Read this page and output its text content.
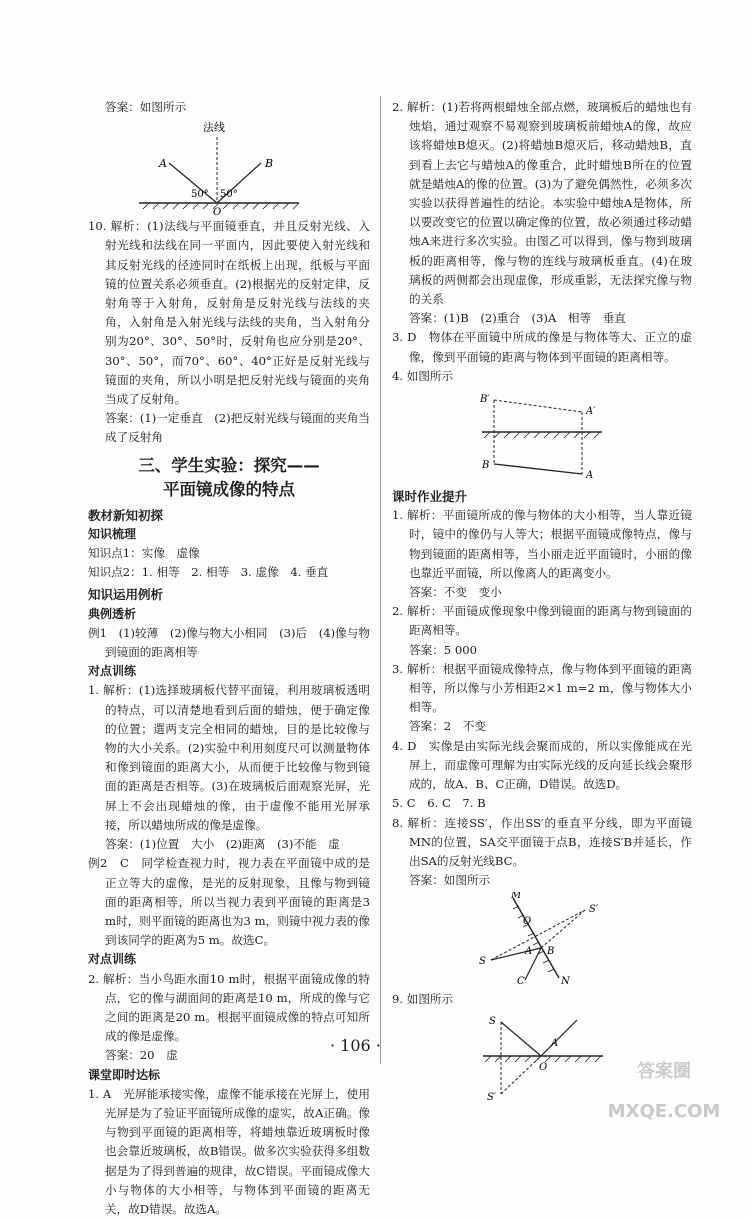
答案：如图所示

法线
A	B
O
50° 50°

10. 解析：(1)法线与平面镜垂直，并且反射光线、入射光线和法线在同一平面内，因此要使入射光线和其反射光线的径迹同时在纸板上出现，纸板与平面镜的位置关系必须垂直。(2)根据光的反射定律，反射角等于入射角，反射角是反射光线与法线的夹角，入射角是入射光线与法线的夹角，当入射角分别为20°、30°、50°时，反射角也应分别是20°、30°、50°，而70°、60°、40°正好是反射光线与镜面的夹角，所以小明是把反射光线与镜面的夹角当成了反射角。

答案：(1)一定垂直　(2)把反射光线与镜面的夹角当成了反射角

三、学生实验：探究——
平面镜成像的特点
教材新知初探
知识梳理

知识点1：实像　虚像

知识点2：1. 相等　2. 相等　3. 虚像　4. 垂直

知识运用例析
典例透析

例1　(1)较薄　(2)像与物大小相同　(3)后　(4)像与物到镜面的距离相等

对点训练

1. 解析：(1)选择玻璃板代替平面镜，利用玻璃板透明的特点，可以清楚地看到后面的蜡烛，便于确定像的位置；選两支完全相同的蜡烛，目的是比较像与物的大小关系。(2)实验中利用刻度尺可以测量物体和像到镜面的距离大小，从而便于比较像与物到镜面的距离是否相等。(3)在玻璃板后面观察光屏，光屏上不会出现蜡烛的像，由于虚像不能用光屏承接，所以蜡烛所成的像是虚像。

答案：(1)位置　大小　(2)距离　(3)不能　虚

例2　C　同学检查视力时，视力表在平面镜中成的是正立等大的虚像，是光的反射现象，且像与物到镜面的距离相等，所以当视力表到平面镜的距离是3 m时，则平面镜的距离也为3 m，则镜中视力表的像到该同学的距离为5 m。故选C。

对点训练

2. 解析：当小鸟距水面10 m时，根据平面镜成像的特点，它的像与湖面间的距离是10 m，所成的像与它之间的距离是20 m。根据平面镜成像的特点可知所成的像是虚像。

答案：20　虚

课堂即时达标

1. A　光屏能承接实像，虚像不能承接在光屏上，使用光屏是为了验证平面镜所成像的虚实，故A正确。像与物到平面镜的距离相等，将蜡烛靠近玻璃板时像也会靠近玻璃板，故B错误。做多次实验获得多组数据是为了得到普遍的规律，故C错误。平面镜成像大小与物体的大小相等，与物体到平面镜的距离无关，故D错误。故选A。

2. 解析：(1)若将两根蜡烛全部点燃，玻璃板后的蜡烛也有烛焰，通过观察不易观察到玻璃板前蜡烛A的像，故应该将蜡烛B熄灭。(2)将蜡烛B熄灭后，移动蜡烛B，直到看上去它与蜡烛A的像重合，此时蜡烛B所在的位置就是蜡烛A的像的位置。(3)为了避免偶然性，必须多次实验以获得普遍性的结论。本实验中蜡烛A是物体，所以要改变它的位置以确定像的位置，故必须通过移动蜡烛A来进行多次实验。由图乙可以得到，像与物到玻璃板的距离相等，像与物的连线与玻璃板垂直。(4)在玻璃板的两侧都会出现虚像，形成重影，无法探究像与物的关系

答案：(1)B　(2)重合　(3)A　相等　垂直

3. D　物体在平面镜中所成的像是与物体等大、正立的虚像，像到平面镜的距离与物体到平面镜的距离相等。

4. 如图所示

B′
A′
B
A
课时作业提升

1. 解析：平面镜所成的像与物体的大小相等，当人靠近镜时，镜中的像仍与人等大；根据平面镜成像特点，像与物到镜面的距离相等，当小丽走近平面镜时，小丽的像也靠近平面镜，所以像离人的距离变小。

答案：不变　变小

2. 解析：平面镜成像现象中像到镜面的距离与物到镜面的距离相等。

答案：5 000

3. 解析：根据平面镜成像特点，像与物体到平面镜的距离相等，所以像与小芳相距2×1 m=2 m，像与物体大小相等。

答案：2　不变

4. D　实像是由实际光线会聚而成的，所以实像能成在光屏上，而虚像可理解为由实际光线的反向延长线会聚形成的，故A、B、C正确，D错误。故选D。

5. C　6. C　7. B

8. 解析：连接SS′，作出SS′的垂直平分线，即为平面镜MN的位置，SA交平面镜于点B，连接S′B并延长，作出SA的反射光线BC。

答案：如图所示

M
S′
O
S
A B
C	N

9. 如图所示

S
A
O
S′
· 106 ·
答案圈 MXQE.COM
